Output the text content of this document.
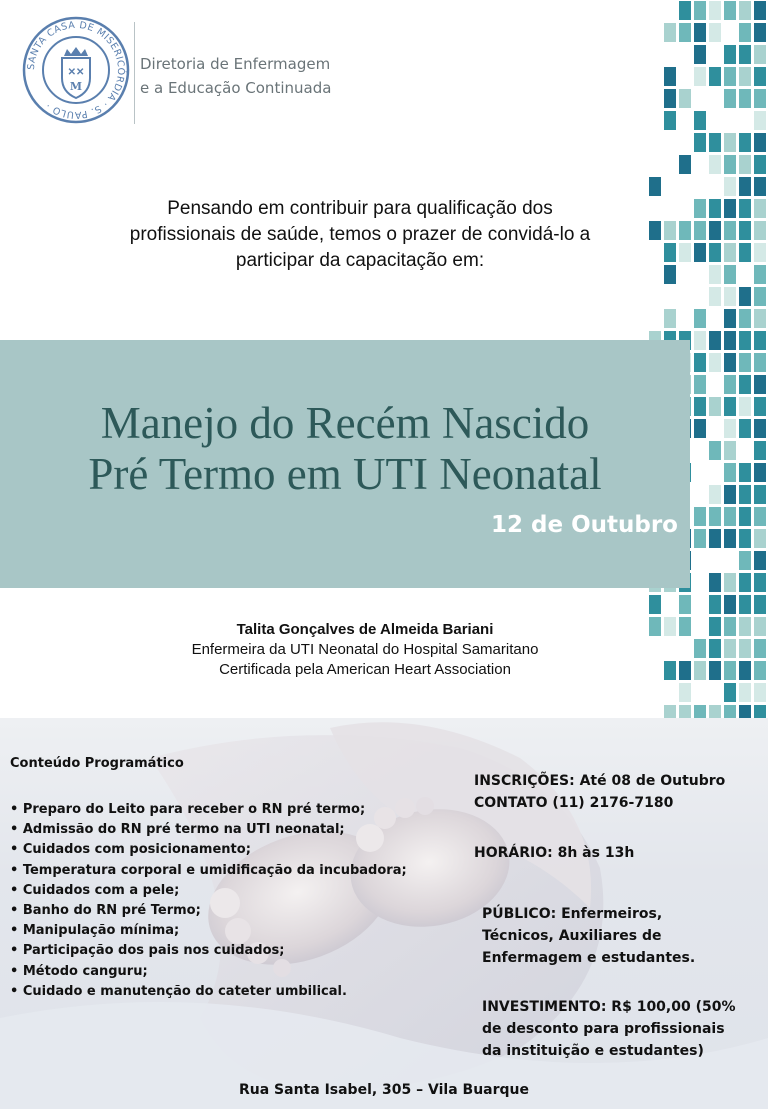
SANTA CASA DE MISERICÓRDIA · S. PAULO ·
✕✕
M
Diretoria de Enfermagem
e a Educação Continuada
Pensando em contribuir para qualificação dos
profissionais de saúde, temos o prazer de convidá-lo a
participar da capacitação em:
Manejo do Recém Nascido
Pré Termo em UTI Neonatal
12 de Outubro
Talita Gonçalves de Almeida Bariani
Enfermeira da UTI Neonatal do Hospital Samaritano
Certificada pela American Heart Association
Conteúdo Programático
• Preparo do Leito para receber o RN pré termo;
• Admissão do RN pré termo na UTI neonatal;
• Cuidados com posicionamento;
• Temperatura corporal e umidificação da incubadora;
• Cuidados com a pele;
• Banho do RN pré Termo;
• Manipulação mínima;
• Participação dos pais nos cuidados;
• Método canguru;
• Cuidado e manutenção do cateter umbilical.
INSCRIÇÕES: Até 08 de Outubro
CONTATO (11) 2176-7180
HORÁRIO: 8h às 13h
PÚBLICO: Enfermeiros,
Técnicos, Auxiliares de
Enfermagem e estudantes.
INVESTIMENTO: R$ 100,00 (50%
de desconto para profissionais
da instituição e estudantes)
Rua Santa Isabel, 305 – Vila Buarque
